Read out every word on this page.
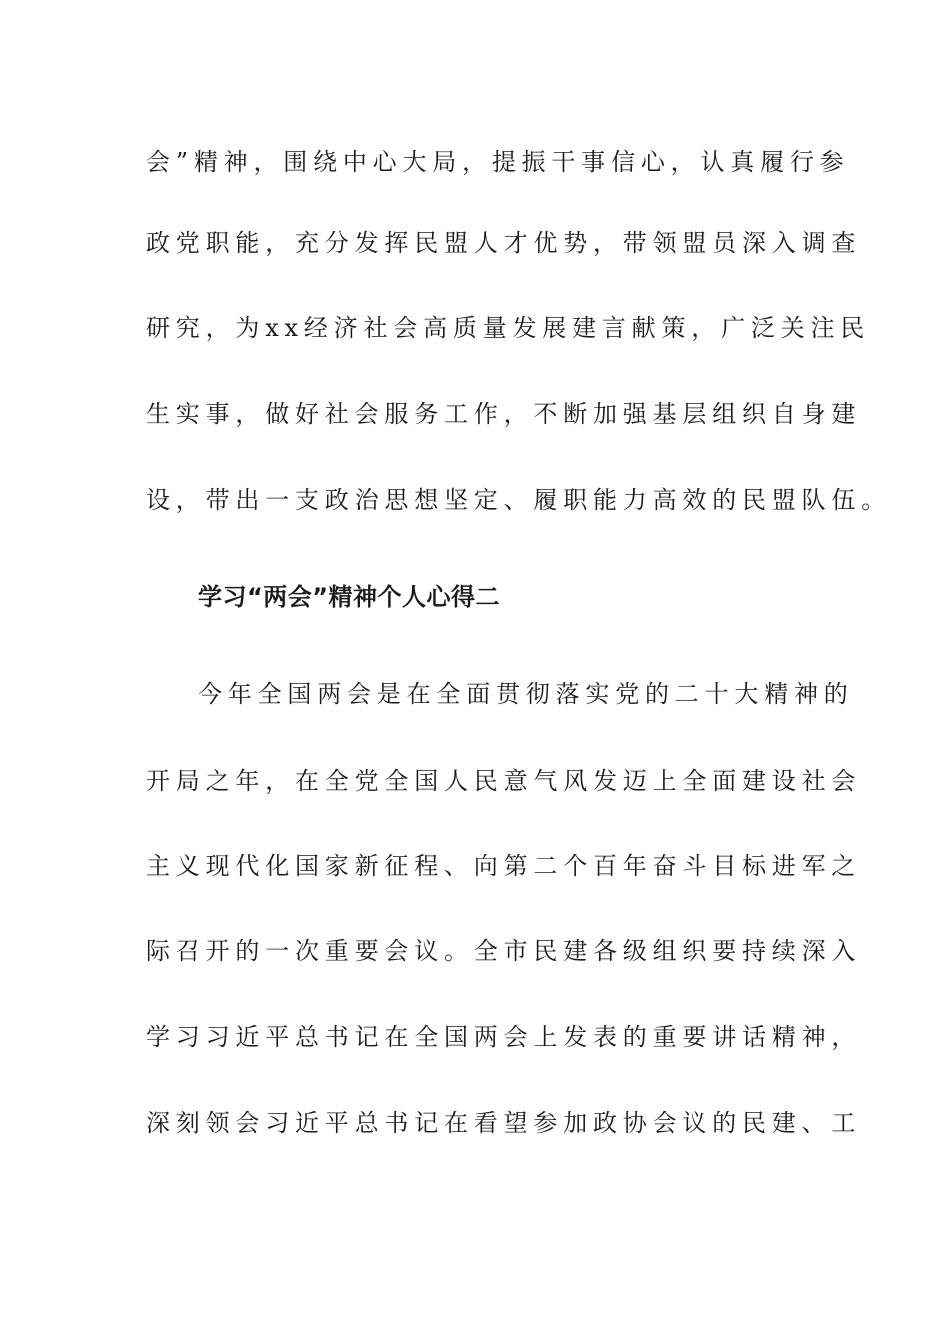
会”精神，围绕中心大局，提振干事信心，认真履行参
政党职能，充分发挥民盟人才优势，带领盟员深入调查
研究，为xx经济社会高质量发展建言献策，广泛关注民
生实事，做好社会服务工作，不断加强基层组织自身建
设，带出一支政治思想坚定、履职能力高效的民盟队伍。
学习“两会”精神个人心得二
今年全国两会是在全面贯彻落实党的二十大精神的
开局之年，在全党全国人民意气风发迈上全面建设社会
主义现代化国家新征程、向第二个百年奋斗目标进军之
际召开的一次重要会议。全市民建各级组织要持续深入
学习习近平总书记在全国两会上发表的重要讲话精神，
深刻领会习近平总书记在看望参加政协会议的民建、工
